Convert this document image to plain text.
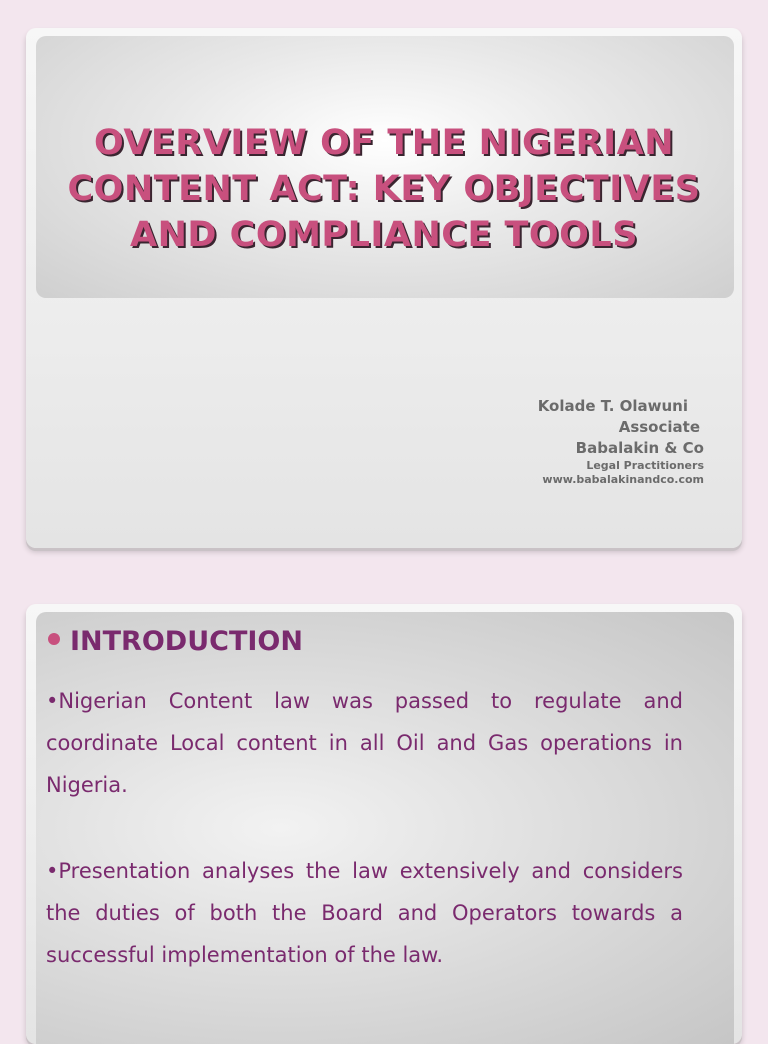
OVERVIEW OF THE NIGERIAN CONTENT ACT: KEY OBJECTIVES AND COMPLIANCE TOOLS
Kolade T. Olawuni
Associate
Babalakin & Co
Legal Practitioners
www.babalakinandco.com
INTRODUCTION

•Nigerian Content law was passed to regulate and coordinate Local content in all Oil and Gas operations in Nigeria.

•Presentation analyses the law extensively and considers the duties of both the Board and Operators towards a successful implementation of the law.
